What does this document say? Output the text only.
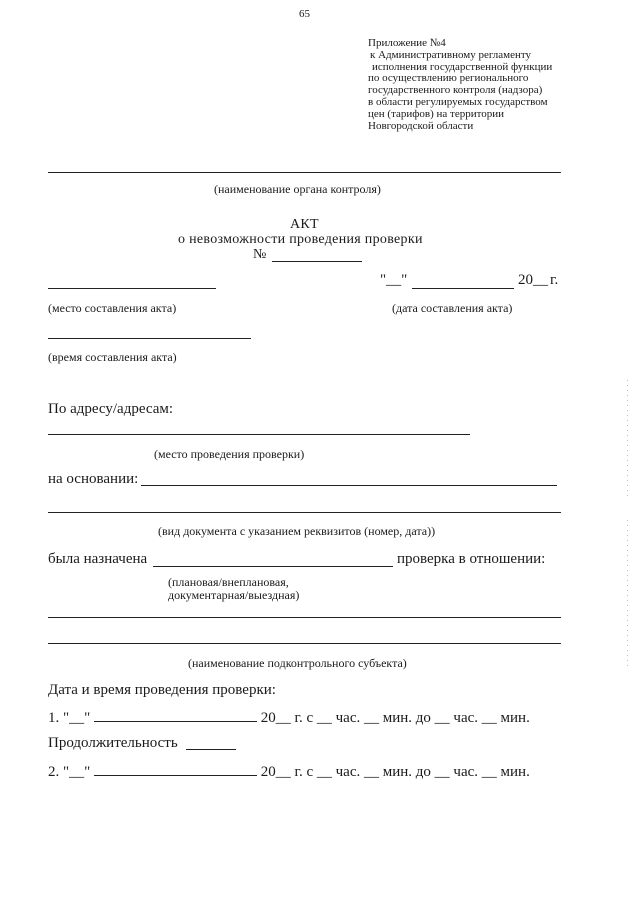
65
Приложение №4
к Административному регламенту
исполнения государственной функции
по осуществлению регионального
государственного контроля (надзора)
в области регулируемых государством
цен (тарифов) на территории
Новгородской области
(наименование органа контроля)
АКТ
о невозможности проведения проверки
№
"__"	20__ г.
(место составления акта)	(дата составления акта)
(время составления акта)
По адресу/адресам:
(место проведения проверки)
на основании:
(вид документа с указанием реквизитов (номер, дата))
была назначена	проверка в отношении:
(плановая/внеплановая,
документарная/выездная)
(наименование подконтрольного субъекта)
Дата и время проведения проверки:
1. "__"	20__ г. с __ час. __ мин. до __ час. __ мин.
Продолжительность
2. "__"	20__ г. с __ час. __ мин. до __ час. __ мин.
